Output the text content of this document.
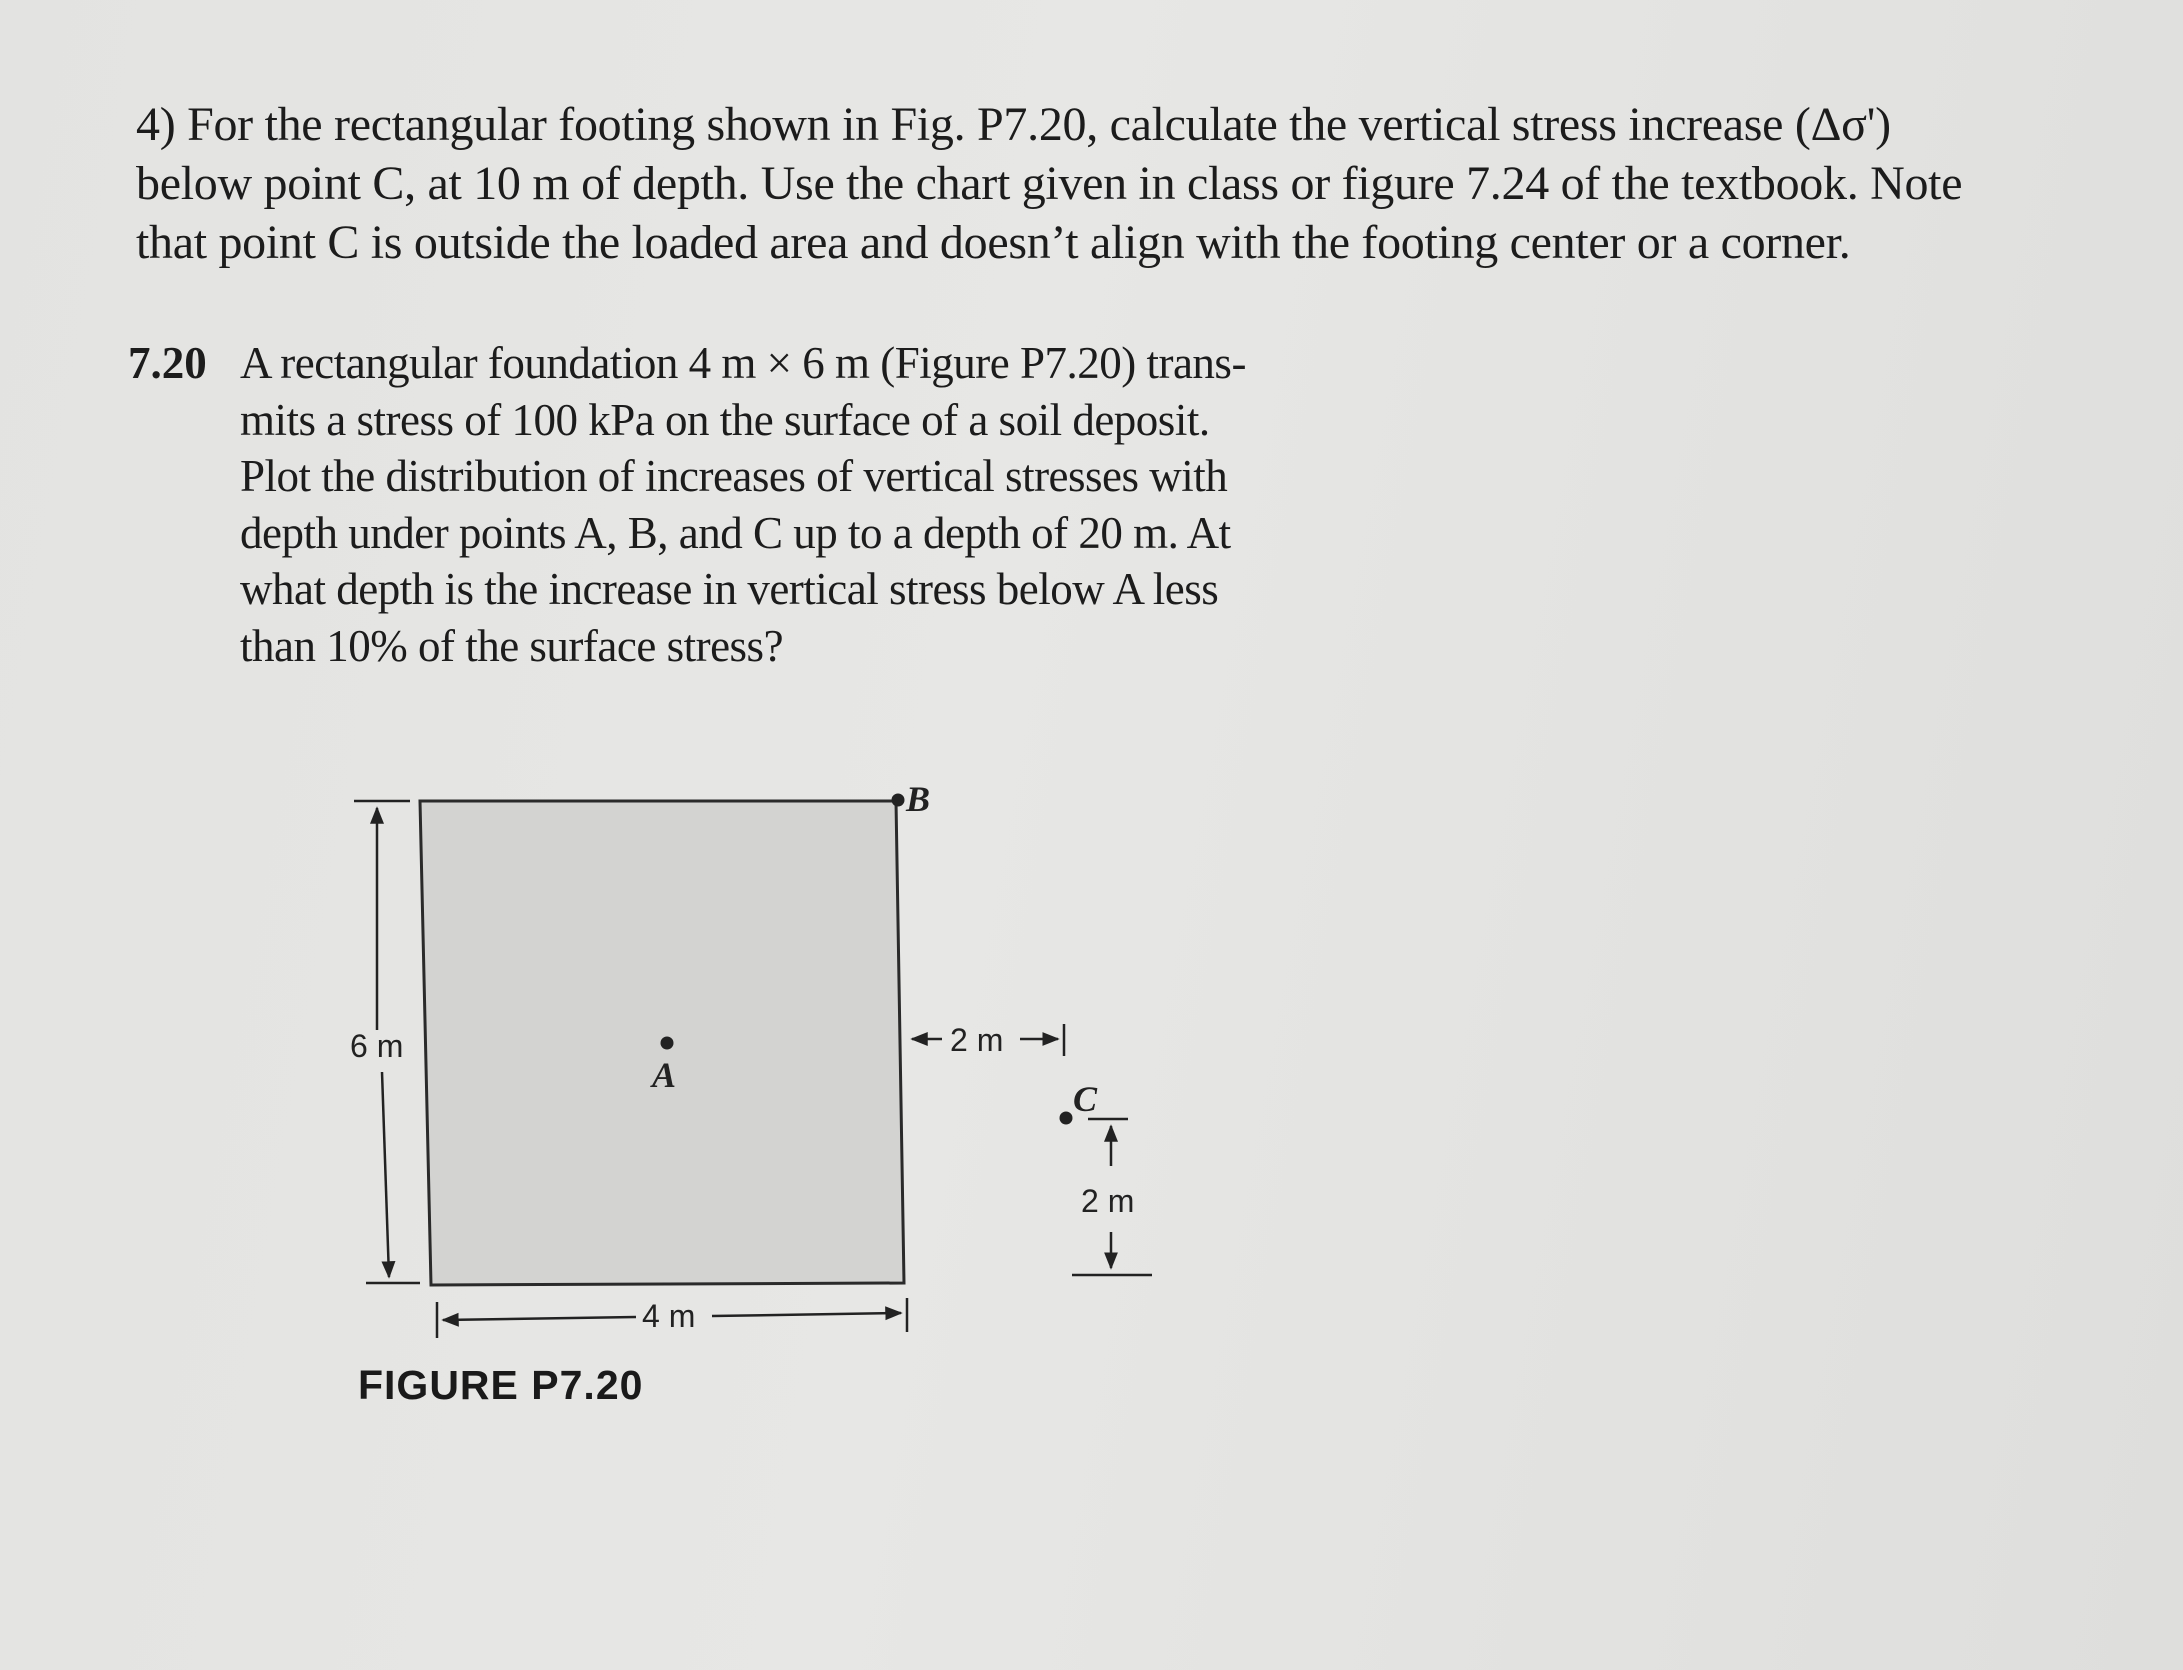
4) For the rectangular footing shown in Fig. P7.20, calculate the vertical stress increase (Δσ')
below point C, at 10 m of depth. Use the chart given in class or figure 7.24 of the textbook. Note
that point C is outside the loaded area and doesn’t align with the footing center or a corner.
7.20 A rectangular foundation 4 m × 6 m (Figure P7.20) trans-
mits a stress of 100 kPa on the surface of a soil deposit.
Plot the distribution of increases of vertical stresses with
depth under points A, B, and C up to a depth of 20 m. At
what depth is the increase in vertical stress below A less
than 10% of the surface stress?
6 m
4 m
2 m
2 m
A
B
C
FIGURE P7.20
